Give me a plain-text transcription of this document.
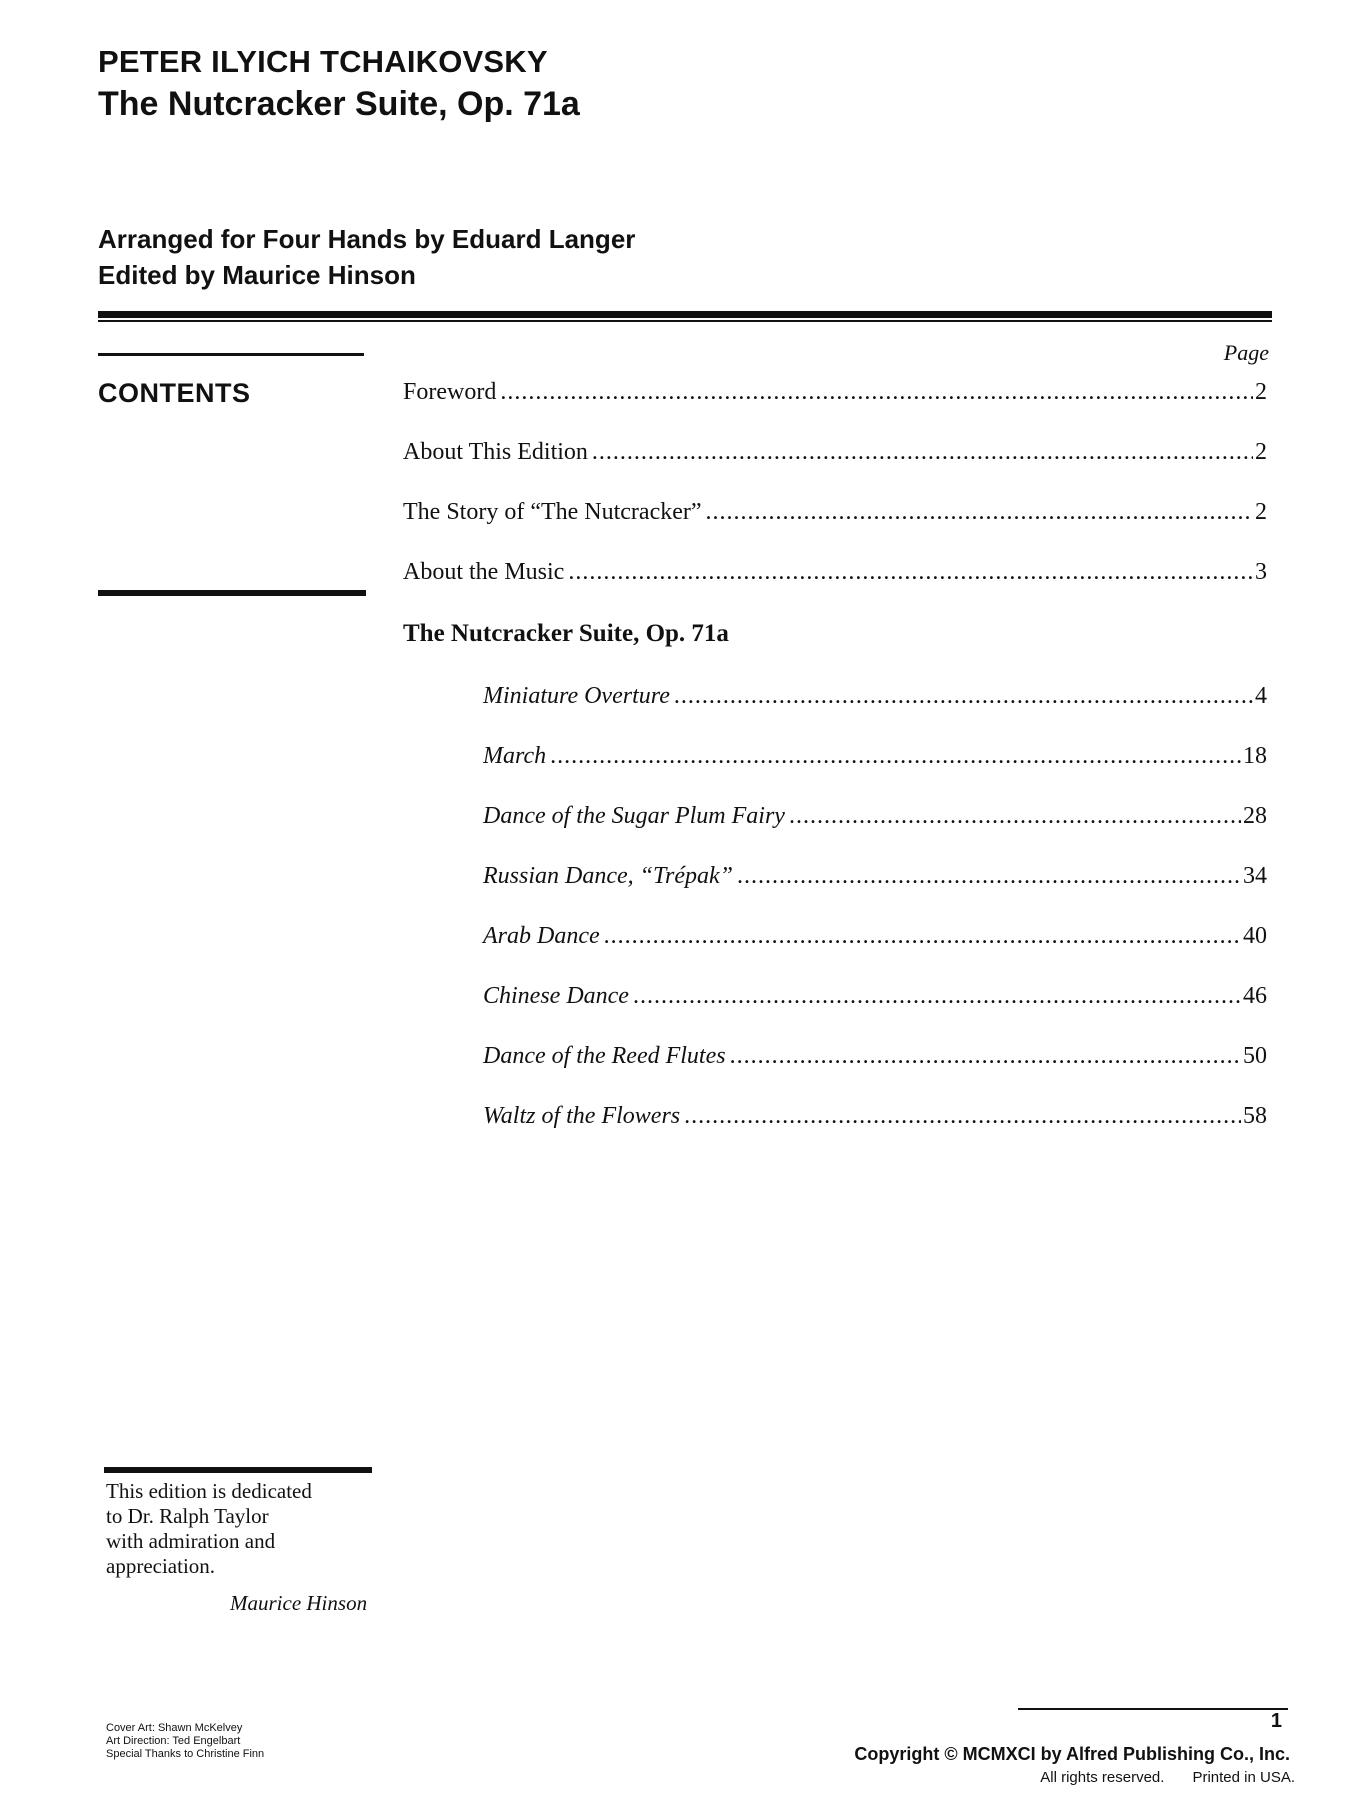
PETER ILYICH TCHAIKOVSKY
The Nutcracker Suite, Op. 71a
Arranged for Four Hands by Eduard Langer
Edited by Maurice Hinson
CONTENTS
Page
Foreword .....	2
About This Edition .....	2
The Story of “The Nutcracker” .....	2
About the Music .....	3
The Nutcracker Suite, Op. 71a
Miniature Overture .....	4
March .....	18
Dance of the Sugar Plum Fairy .....	28
Russian Dance, “Trépak” .....	34
Arab Dance .....	40
Chinese Dance .....	46
Dance of the Reed Flutes .....	50
Waltz of the Flowers .....	58
This edition is dedicated
to Dr. Ralph Taylor
with admiration and
appreciation.
Maurice Hinson
Cover Art: Shawn McKelvey
Art Direction: Ted Engelbart
Special Thanks to Christine Finn
1
Copyright © MCMXCI by Alfred Publishing Co., Inc.
All rights reserved. Printed in USA.
